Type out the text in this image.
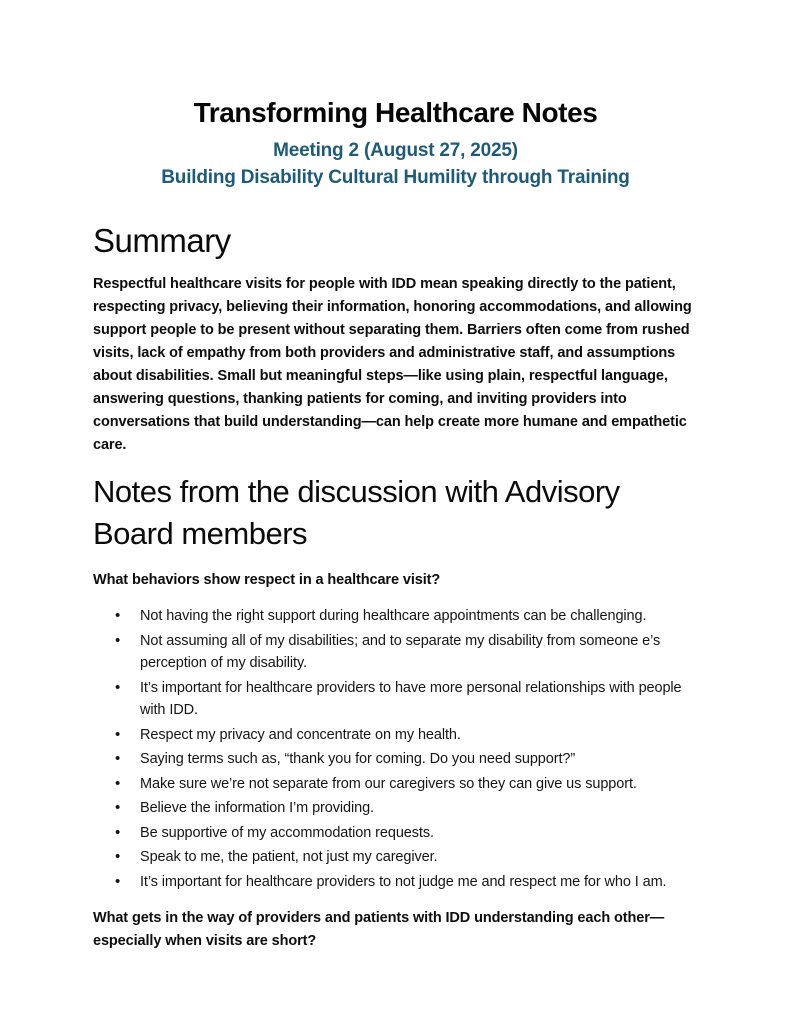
Transforming Healthcare Notes
Meeting 2 (August 27, 2025)
Building Disability Cultural Humility through Training
Summary

Respectful healthcare visits for people with IDD mean speaking directly to the patient, respecting privacy, believing their information, honoring accommodations, and allowing support people to be present without separating them. Barriers often come from rushed visits, lack of empathy from both providers and administrative staff, and assumptions about disabilities. Small but meaningful steps—like using plain, respectful language, answering questions, thanking patients for coming, and inviting providers into conversations that build understanding—can help create more humane and empathetic care.

Notes from the discussion with Advisory Board members

What behaviors show respect in a healthcare visit?

• Not having the right support during healthcare appointments can be challenging.
• Not assuming all of my disabilities; and to separate my disability from someone e’s perception of my disability.
• It’s important for healthcare providers to have more personal relationships with people with IDD.
• Respect my privacy and concentrate on my health.
• Saying terms such as, “thank you for coming. Do you need support?”
• Make sure we’re not separate from our caregivers so they can give us support.
• Believe the information I’m providing.
• Be supportive of my accommodation requests.
• Speak to me, the patient, not just my caregiver.
• It’s important for healthcare providers to not judge me and respect me for who I am.

What gets in the way of providers and patients with IDD understanding each other—especially when visits are short?
